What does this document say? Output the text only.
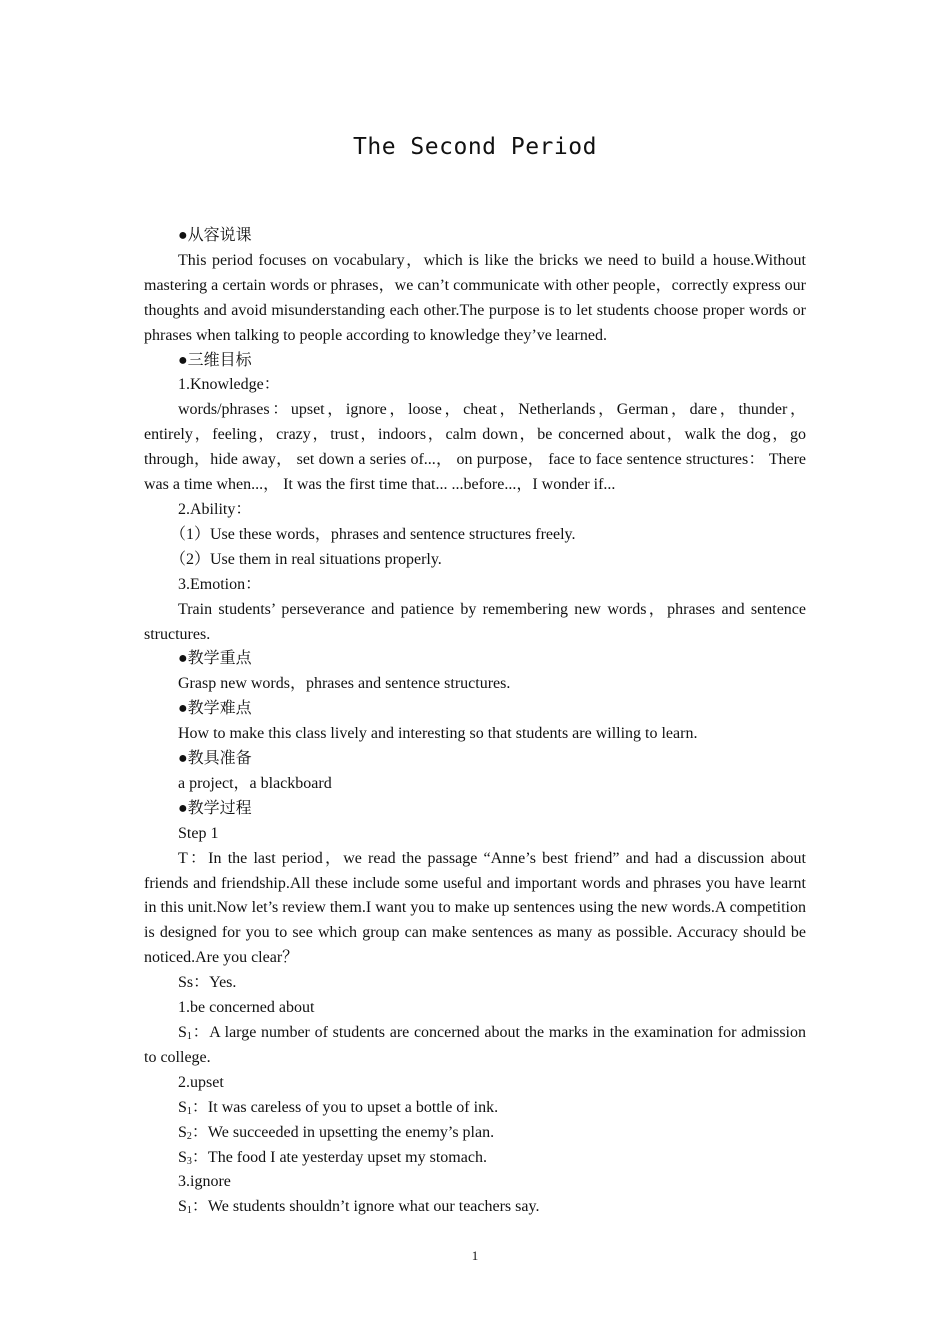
The Second Period

●从容说课

This period focuses on vocabulary，which is like the bricks we need to build a house.Without mastering a certain words or phrases，we can’t communicate with other people，correctly express our thoughts and avoid misunderstanding each other.The purpose is to let students choose proper words or phrases when talking to people according to knowledge they’ve learned.

●三维目标

1.Knowledge：

words/phrases：upset，ignore，loose，cheat，Netherlands，German，dare，thunder，entirely，feeling，crazy，trust，indoors，calm down，be concerned about，walk the dog，go through，hide away， set down a series of...， on purpose， face to face sentence structures： There was a time when...， It was the first time that... ...before...，I wonder if...

2.Ability：

（1）Use these words，phrases and sentence structures freely.

（2）Use them in real situations properly.

3.Emotion：

Train students’ perseverance and patience by remembering new words，phrases and sentence structures.

●教学重点

Grasp new words，phrases and sentence structures.

●教学难点

How to make this class lively and interesting so that students are willing to learn.

●教具准备

a project，a blackboard

●教学过程

Step 1

T：In the last period，we read the passage “Anne’s best friend” and had a discussion about friends and friendship.All these include some useful and important words and phrases you have learnt in this unit.Now let’s review them.I want you to make up sentences using the new words.A competition is designed for you to see which group can make sentences as many as possible. Accuracy should be noticed.Are you clear？

Ss：Yes.

1.be concerned about

$S_1$：A large number of students are concerned about the marks in the examination for admission to college.

2.upset

$S_1$：It was careless of you to upset a bottle of ink.

$S_2$：We succeeded in upsetting the enemy’s plan.

$S_3$：The food I ate yesterday upset my stomach.

3.ignore

$S_1$：We students shouldn’t ignore what our teachers say.

1
